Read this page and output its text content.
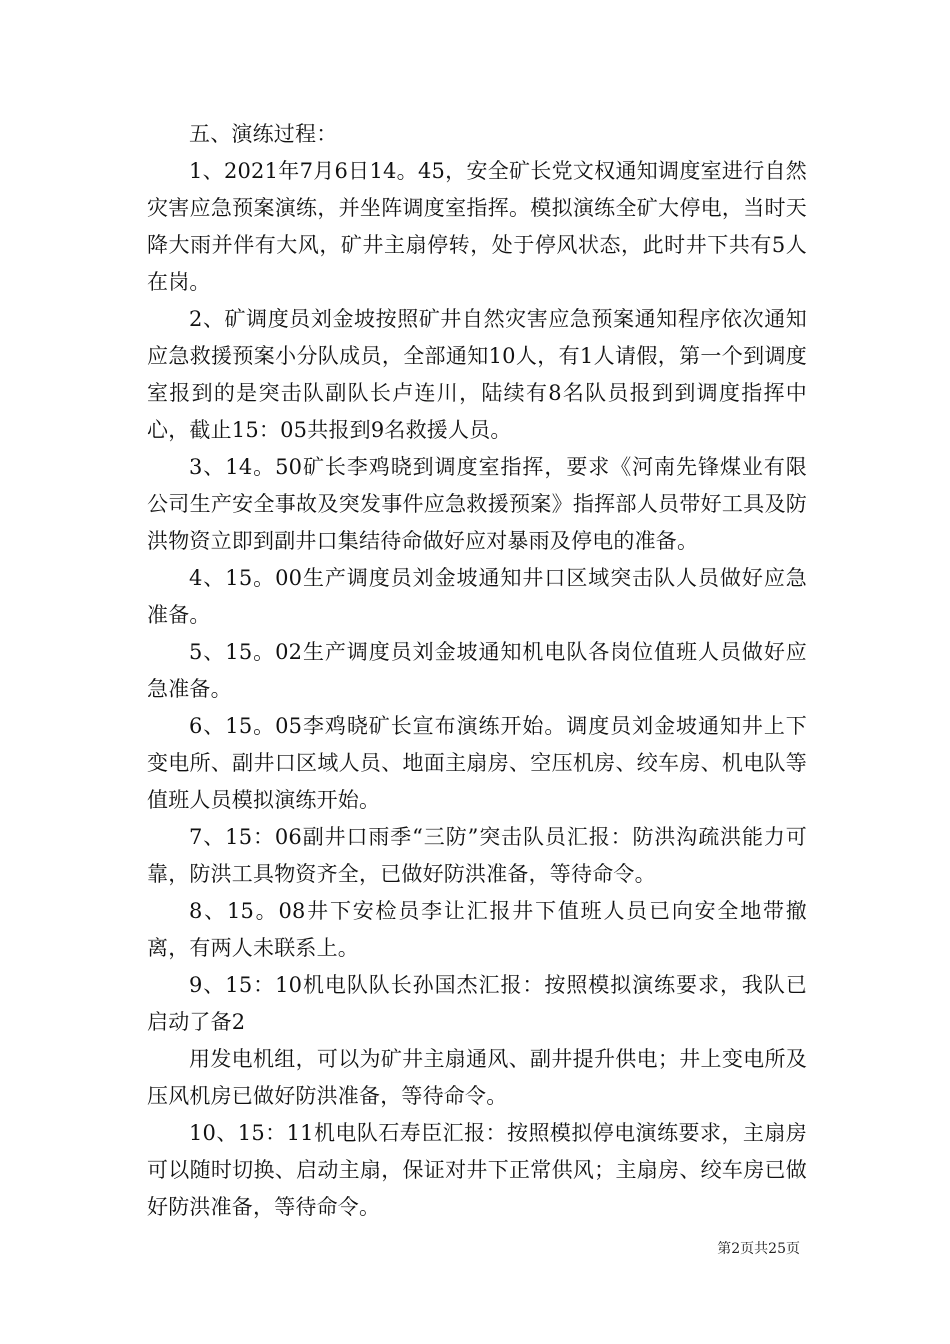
五、演练过程：

1、2021年7月6日14。45，安全矿长党文权通知调度室进行自然灾害应急预案演练，并坐阵调度室指挥。模拟演练全矿大停电，当时天降大雨并伴有大风，矿井主扇停转，处于停风状态，此时井下共有5人在岗。

2、矿调度员刘金坡按照矿井自然灾害应急预案通知程序依次通知应急救援预案小分队成员，全部通知10人，有1人请假，第一个到调度室报到的是突击队副队长卢连川，陆续有8名队员报到到调度指挥中心，截止15：05共报到9名救援人员。

3、14。50矿长李鸡晓到调度室指挥，要求《河南先锋煤业有限公司生产安全事故及突发事件应急救援预案》指挥部人员带好工具及防洪物资立即到副井口集结待命做好应对暴雨及停电的准备。

4、15。00生产调度员刘金坡通知井口区域突击队人员做好应急准备。

5、15。02生产调度员刘金坡通知机电队各岗位值班人员做好应急准备。

6、15。05李鸡晓矿长宣布演练开始。调度员刘金坡通知井上下变电所、副井口区域人员、地面主扇房、空压机房、绞车房、机电队等值班人员模拟演练开始。

7、15：06副井口雨季“三防”突击队员汇报：防洪沟疏洪能力可靠，防洪工具物资齐全，已做好防洪准备，等待命令。

8、15。08井下安检员李让汇报井下值班人员已向安全地带撤离，有两人未联系上。

9、15：10机电队队长孙国杰汇报：按照模拟演练要求，我队已启动了备2

用发电机组，可以为矿井主扇通风、副井提升供电；井上变电所及压风机房已做好防洪准备，等待命令。

10、15：11机电队石寿臣汇报：按照模拟停电演练要求，主扇房可以随时切换、启动主扇，保证对井下正常供风；主扇房、绞车房已做好防洪准备，等待命令。

第2页共25页
